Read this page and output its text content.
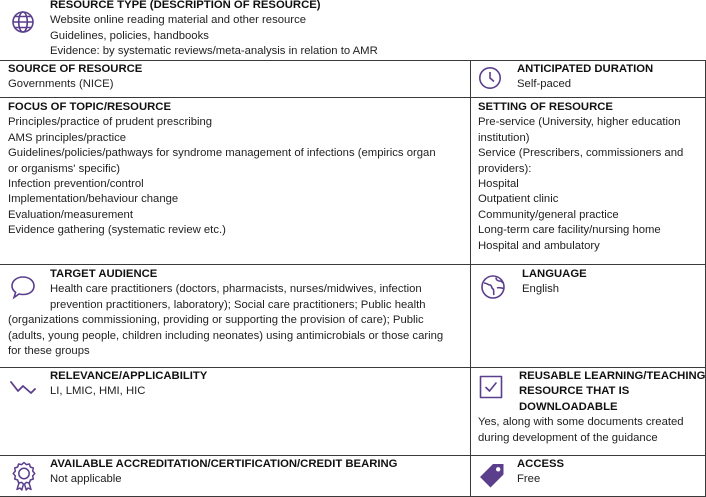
RESOURCE TYPE (DESCRIPTION OF RESOURCE)
Website online reading material and other resource
Guidelines, policies, handbooks
Evidence: by systematic reviews/meta-analysis in relation to AMR
SOURCE OF RESOURCE
Governments (NICE)
ANTICIPATED DURATION
Self-paced
FOCUS OF TOPIC/RESOURCE
Principles/practice of prudent prescribing
AMS principles/practice
Guidelines/policies/pathways for syndrome management of infections (empirics organ
or organisms' specific)
Infection prevention/control
Implementation/behaviour change
Evaluation/measurement
Evidence gathering (systematic review etc.)
SETTING OF RESOURCE
Pre-service (University, higher education
institution)
Service (Prescribers, commissioners and
providers):
Hospital
Outpatient clinic
Community/general practice
Long-term care facility/nursing home
Hospital and ambulatory
TARGET AUDIENCE
Health care practitioners (doctors, pharmacists, nurses/midwives, infection
prevention practitioners, laboratory); Social care practitioners; Public health
(organizations commissioning, providing or supporting the provision of care); Public
(adults, young people, children including neonates) using antimicrobials or those caring
for these groups
LANGUAGE
English
RELEVANCE/APPLICABILITY
LI, LMIC, HMI, HIC
REUSABLE LEARNING/TEACHING
RESOURCE THAT IS
DOWNLOADABLE
Yes, along with some documents created
during development of the guidance
AVAILABLE ACCREDITATION/CERTIFICATION/CREDIT BEARING
Not applicable
ACCESS
Free
